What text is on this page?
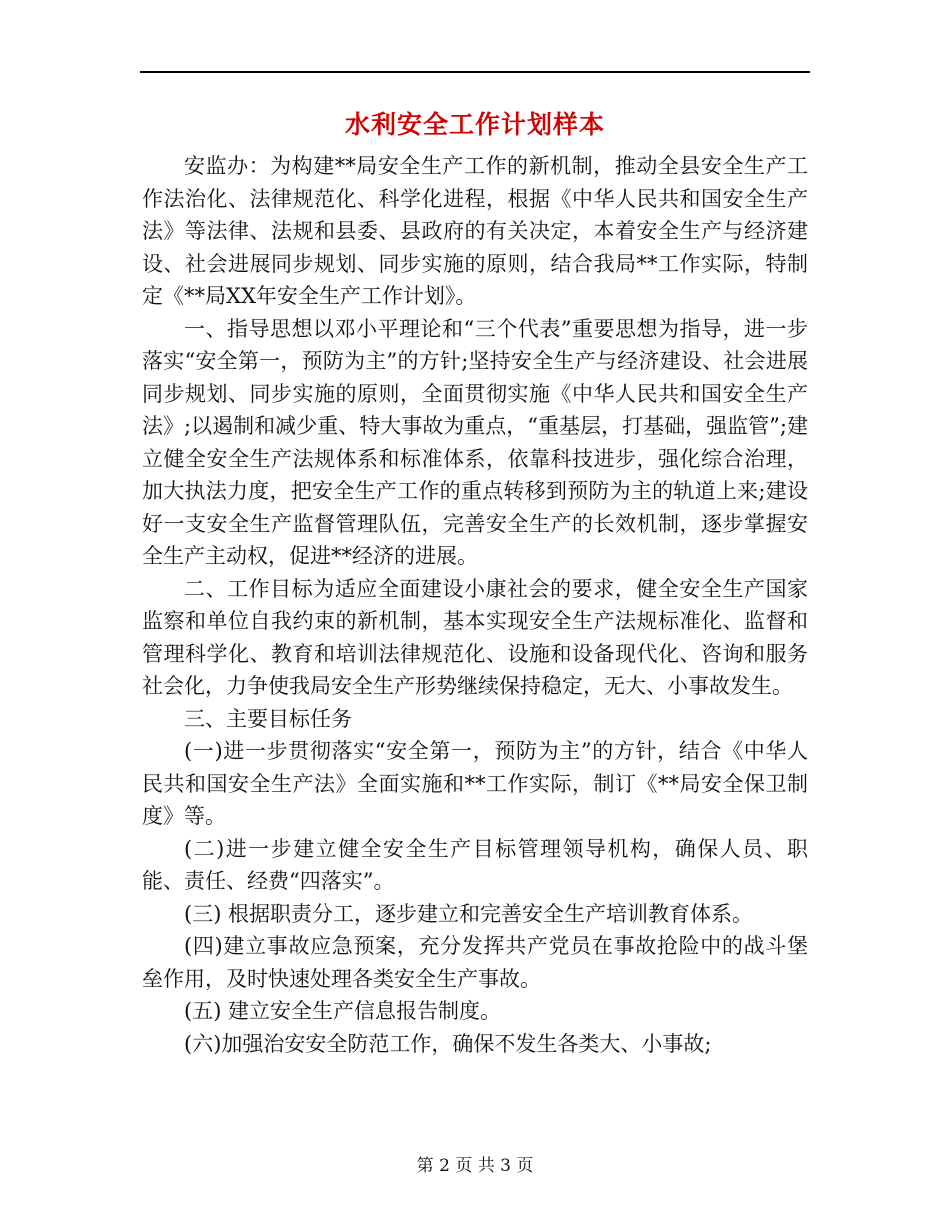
水利安全工作计划样本

安监办：为构建**局安全生产工作的新机制，推动全县安全生产工作法治化、法律规范化、科学化进程，根据《中华人民共和国安全生产法》等法律、法规和县委、县政府的有关决定，本着安全生产与经济建设、社会进展同步规划、同步实施的原则，结合我局**工作实际，特制定《**局XX年安全生产工作计划》。

一、指导思想以邓小平理论和“三个代表”重要思想为指导，进一步落实“安全第一，预防为主”的方针;坚持安全生产与经济建设、社会进展同步规划、同步实施的原则，全面贯彻实施《中华人民共和国安全生产法》;以遏制和减少重、特大事故为重点，“重基层，打基础，强监管”;建立健全安全生产法规体系和标准体系，依靠科技进步，强化综合治理，加大执法力度，把安全生产工作的重点转移到预防为主的轨道上来;建设好一支安全生产监督管理队伍，完善安全生产的长效机制，逐步掌握安全生产主动权，促进**经济的进展。

二、工作目标为适应全面建设小康社会的要求，健全安全生产国家监察和单位自我约束的新机制，基本实现安全生产法规标准化、监督和管理科学化、教育和培训法律规范化、设施和设备现代化、咨询和服务社会化，力争使我局安全生产形势继续保持稳定，无大、小事故发生。

三、主要目标任务

(一)进一步贯彻落实“安全第一，预防为主”的方针，结合《中华人民共和国安全生产法》全面实施和**工作实际，制订《**局安全保卫制度》等。

(二)进一步建立健全安全生产目标管理领导机构，确保人员、职能、责任、经费“四落实”。

(三) 根据职责分工，逐步建立和完善安全生产培训教育体系。

(四)建立事故应急预案，充分发挥共产党员在事故抢险中的战斗堡垒作用，及时快速处理各类安全生产事故。

(五) 建立安全生产信息报告制度。

(六)加强治安安全防范工作，确保不发生各类大、小事故;

第 2 页 共 3 页
